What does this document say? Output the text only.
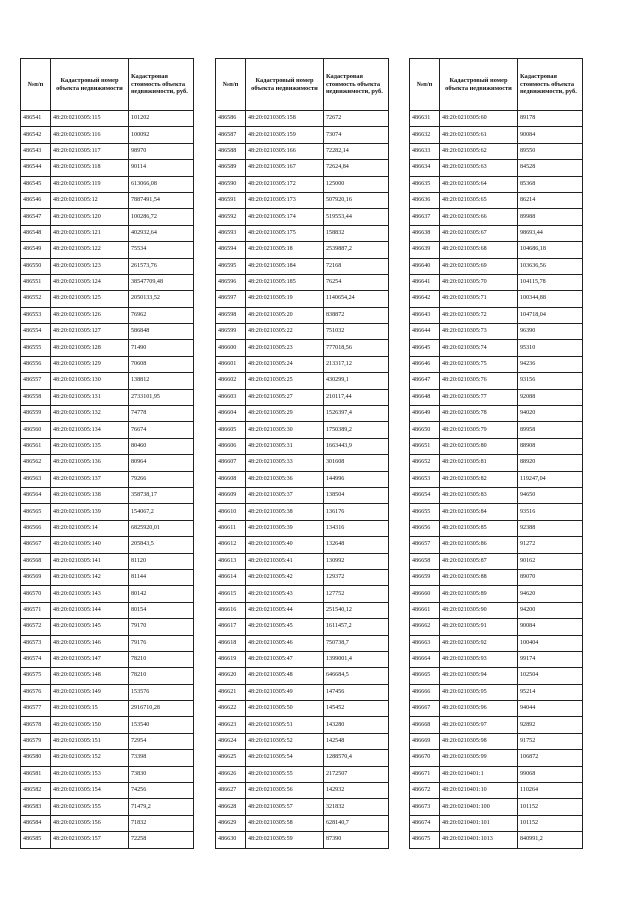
№п/п	Кадастровый номер объекта недвижимости	Кадастровая стоимость объекта недвижимости, руб.
486541	48:20:0210305:115	101202
486542	48:20:0210305:116	100092
486543	48:20:0210305:117	98970
486544	48:20:0210305:118	90114
486545	48:20:0210305:119	613066,08
486546	48:20:0210305:12	7887491,54
486547	48:20:0210305:120	100286,72
486548	48:20:0210305:121	402932,64
486549	48:20:0210305:122	75534
486550	48:20:0210305:123	261573,76
486551	48:20:0210305:124	38547709,48
486552	48:20:0210305:125	2050133,52
486553	48:20:0210305:126	76962
486554	48:20:0210305:127	586848
486555	48:20:0210305:128	71490
486556	48:20:0210305:129	70608
486557	48:20:0210305:130	138812
486558	48:20:0210305:131	2733101,95
486559	48:20:0210305:132	74778
486560	48:20:0210305:134	76674
486561	48:20:0210305:135	80460
486562	48:20:0210305:136	80964
486563	48:20:0210305:137	79266
486564	48:20:0210305:138	358738,17
486565	48:20:0210305:139	154067,2
486566	48:20:0210305:14	6825920,01
486567	48:20:0210305:140	205843,5
486568	48:20:0210305:141	81120
486569	48:20:0210305:142	81144
486570	48:20:0210305:143	80142
486571	48:20:0210305:144	80154
486572	48:20:0210305:145	79170
486573	48:20:0210305:146	79176
486574	48:20:0210305:147	78210
486575	48:20:0210305:148	78210
486576	48:20:0210305:149	153576
486577	48:20:0210305:15	2916710,28
486578	48:20:0210305:150	153540
486579	48:20:0210305:151	72954
486580	48:20:0210305:152	73398
486581	48:20:0210305:153	73830
486582	48:20:0210305:154	74256
486583	48:20:0210305:155	71479,2
486584	48:20:0210305:156	71832
486585	48:20:0210305:157	72258
№п/п	Кадастровый номер объекта недвижимости	Кадастровая стоимость объекта недвижимости, руб.
486586	48:20:0210305:158	72672
486587	48:20:0210305:159	73074
486588	48:20:0210305:166	72282,14
486589	48:20:0210305:167	72624,84
486590	48:20:0210305:172	125000
486591	48:20:0210305:173	507920,16
486592	48:20:0210305:174	519553,44
486593	48:20:0210305:175	158832
486594	48:20:0210305:18	2539887,2
486595	48:20:0210305:184	72168
486596	48:20:0210305:185	76254
486597	48:20:0210305:19	1140654,24
486598	48:20:0210305:20	838872
486599	48:20:0210305:22	751032
486600	48:20:0210305:23	777018,56
486601	48:20:0210305:24	213317,12
486602	48:20:0210305:25	430299,1
486603	48:20:0210305:27	210117,44
486604	48:20:0210305:29	1526397,4
486605	48:20:0210305:30	1750389,2
486606	48:20:0210305:31	1663443,9
486607	48:20:0210305:33	301608
486608	48:20:0210305:36	144996
486609	48:20:0210305:37	138504
486610	48:20:0210305:38	136176
486611	48:20:0210305:39	134316
486612	48:20:0210305:40	132648
486613	48:20:0210305:41	130992
486614	48:20:0210305:42	129372
486615	48:20:0210305:43	127752
486616	48:20:0210305:44	251540,12
486617	48:20:0210305:45	1611457,2
486618	48:20:0210305:46	750738,7
486619	48:20:0210305:47	1399001,4
486620	48:20:0210305:48	646684,5
486621	48:20:0210305:49	147456
486622	48:20:0210305:50	145452
486623	48:20:0210305:51	143280
486624	48:20:0210305:52	142548
486625	48:20:0210305:54	1288570,4
486626	48:20:0210305:55	2172507
486627	48:20:0210305:56	142932
486628	48:20:0210305:57	321832
486629	48:20:0210305:58	628140,7
486630	48:20:0210305:59	87390
№п/п	Кадастровый номер объекта недвижимости	Кадастровая стоимость объекта недвижимости, руб.
486631	48:20:0210305:60	89178
486632	48:20:0210305:61	90084
486633	48:20:0210305:62	89550
486634	48:20:0210305:63	84528
486635	48:20:0210305:64	85368
486636	48:20:0210305:65	86214
486637	48:20:0210305:66	89988
486638	48:20:0210305:67	98693,44
486639	48:20:0210305:68	104686,18
486640	48:20:0210305:69	103636,56
486641	48:20:0210305:70	104115,78
486642	48:20:0210305:71	100344,88
486643	48:20:0210305:72	104718,04
486644	48:20:0210305:73	96390
486645	48:20:0210305:74	95310
486646	48:20:0210305:75	94236
486647	48:20:0210305:76	93156
486648	48:20:0210305:77	92088
486649	48:20:0210305:78	94020
486650	48:20:0210305:79	89958
486651	48:20:0210305:80	88908
486652	48:20:0210305:81	88920
486653	48:20:0210305:82	119247,04
486654	48:20:0210305:83	94650
486655	48:20:0210305:84	93516
486656	48:20:0210305:85	92388
486657	48:20:0210305:86	91272
486658	48:20:0210305:87	90162
486659	48:20:0210305:88	89070
486660	48:20:0210305:89	94620
486661	48:20:0210305:90	94200
486662	48:20:0210305:91	90084
486663	48:20:0210305:92	100404
486664	48:20:0210305:93	99174
486665	48:20:0210305:94	102504
486666	48:20:0210305:95	95214
486667	48:20:0210305:96	94044
486668	48:20:0210305:97	92892
486669	48:20:0210305:98	91752
486670	48:20:0210305:99	106872
486671	48:20:0210401:1	99068
486672	48:20:0210401:10	110264
486673	48:20:0210401:100	101152
486674	48:20:0210401:101	101152
486675	48:20:0210401:1013	840991,2
